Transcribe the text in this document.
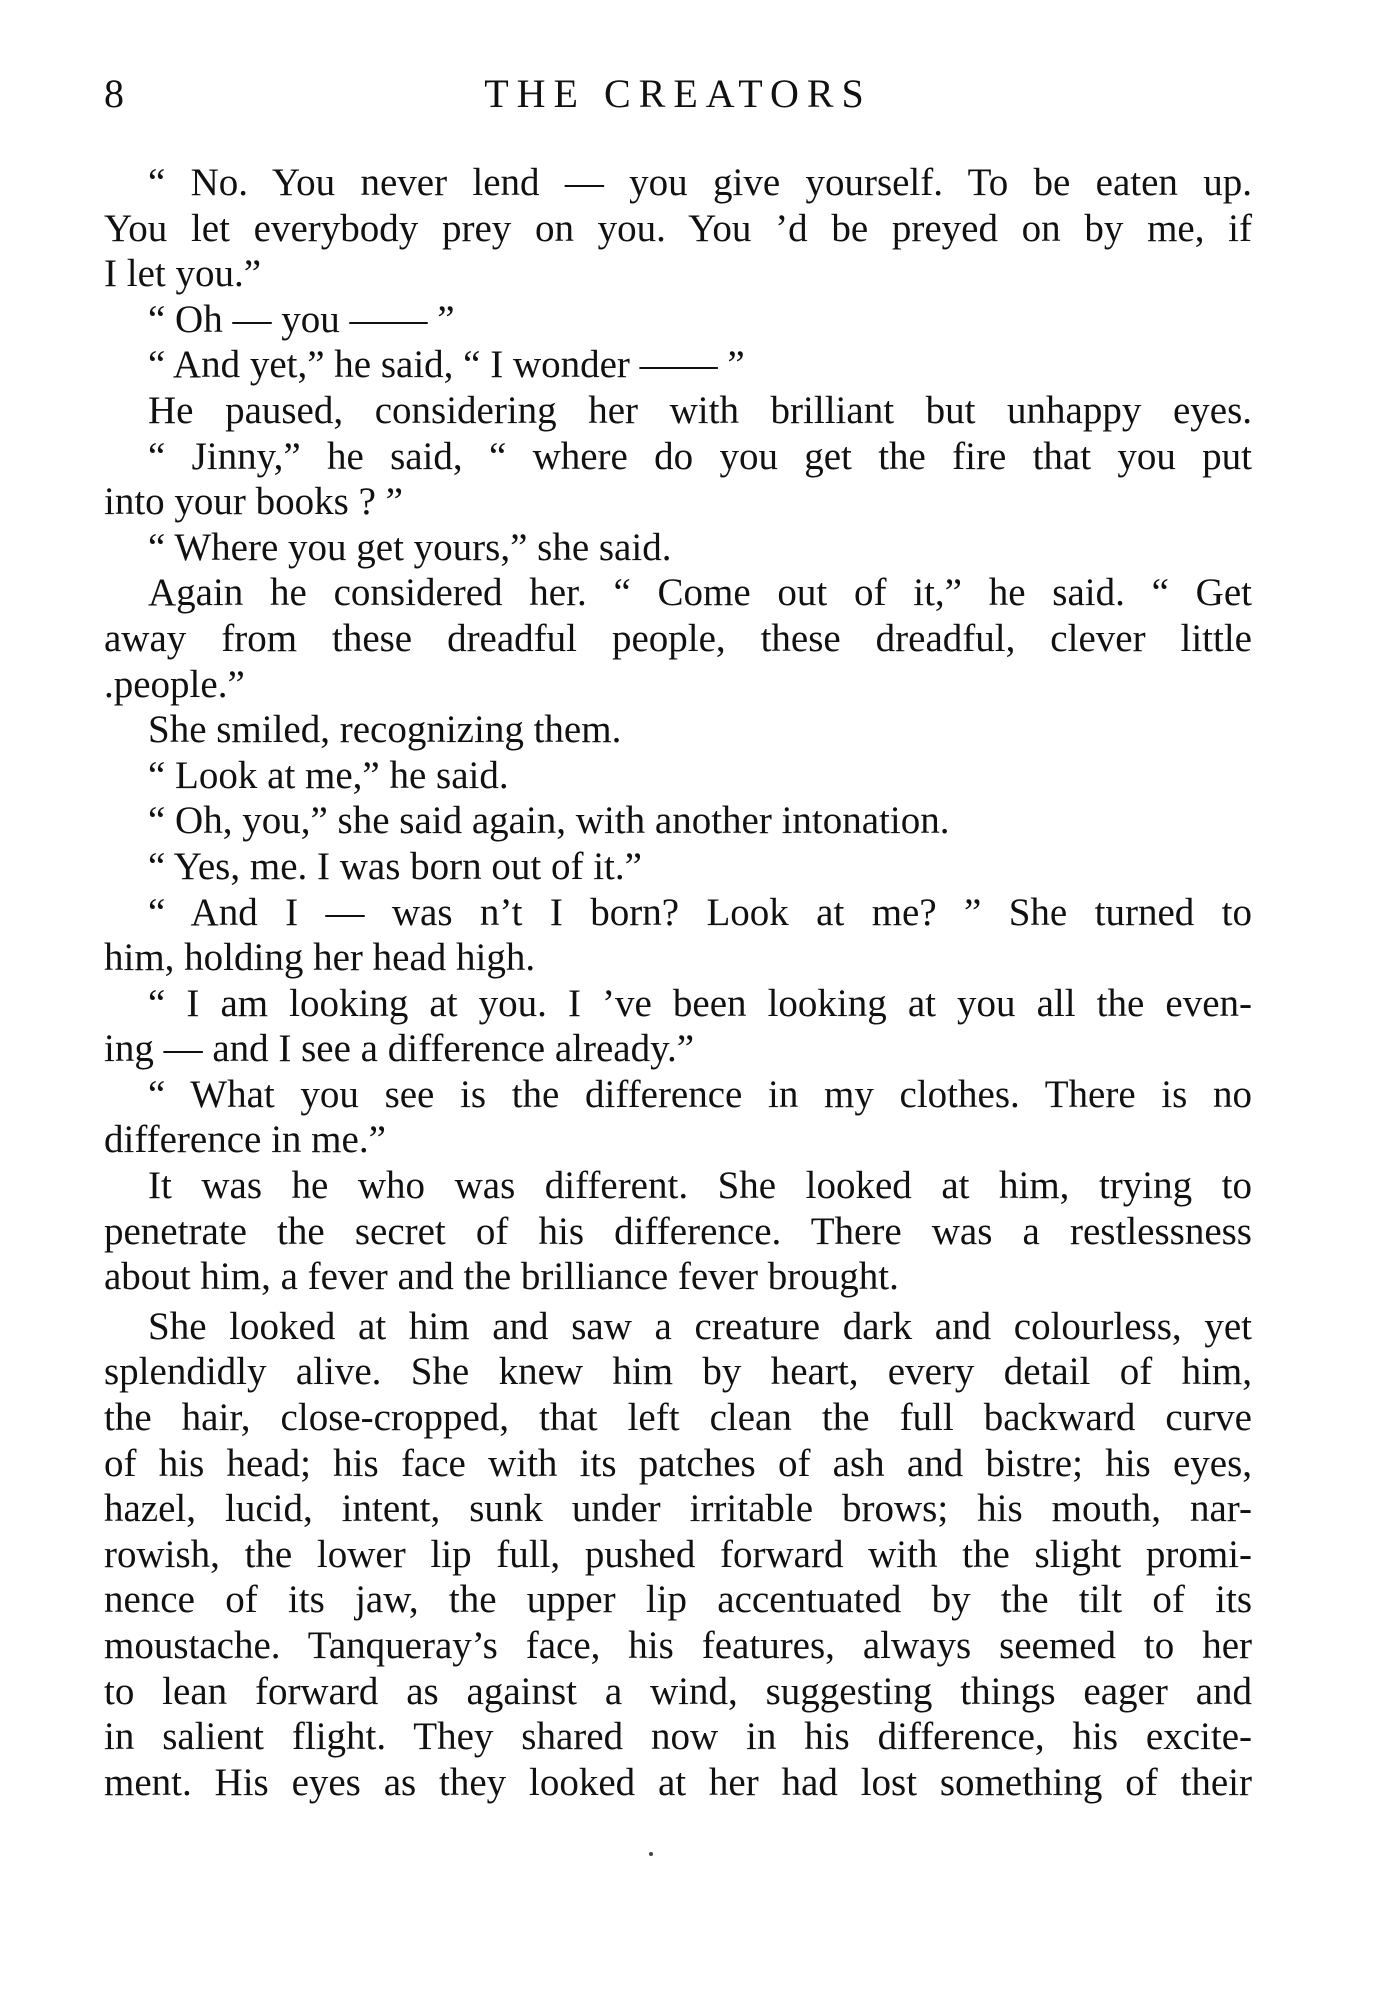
8	THE CREATORS
“ No. You never lend — you give yourself. To be eaten up.
You let everybody prey on you. You ’d be preyed on by me, if
I let you.”
“ Oh — you —— ”
“ And yet,” he said, “ I wonder —— ”
He paused, considering her with brilliant but unhappy eyes.
“ Jinny,” he said, “ where do you get the fire that you put
into your books ? ”
“ Where you get yours,” she said.
Again he considered her. “ Come out of it,” he said. “ Get
away from these dreadful people, these dreadful, clever little
.people.”
She smiled, recognizing them.
“ Look at me,” he said.
“ Oh, you,” she said again, with another intonation.
“ Yes, me. I was born out of it.”
“ And I — was n’t I born? Look at me? ” She turned to
him, holding her head high.
“ I am looking at you. I ’ve been looking at you all the even-
ing — and I see a difference already.”
“ What you see is the difference in my clothes. There is no
difference in me.”
It was he who was different. She looked at him, trying to
penetrate the secret of his difference. There was a restlessness
about him, a fever and the brilliance fever brought.
She looked at him and saw a creature dark and colourless, yet
splendidly alive. She knew him by heart, every detail of him,
the hair, close-cropped, that left clean the full backward curve
of his head; his face with its patches of ash and bistre; his eyes,
hazel, lucid, intent, sunk under irritable brows; his mouth, nar-
rowish, the lower lip full, pushed forward with the slight promi-
nence of its jaw, the upper lip accentuated by the tilt of its
moustache. Tanqueray’s face, his features, always seemed to her
to lean forward as against a wind, suggesting things eager and
in salient flight. They shared now in his difference, his excite-
ment. His eyes as they looked at her had lost something of their
